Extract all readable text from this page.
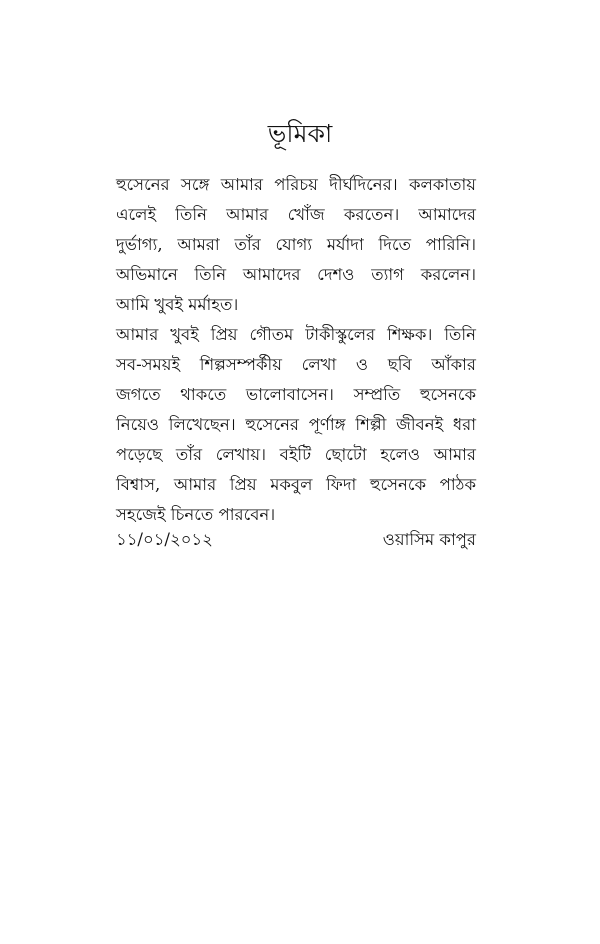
ভূমিকা
হুসেনের সঙ্গে আমার পরিচয় দীর্ঘদিনের। কলকাতায়
এলেই তিনি আমার খোঁজ করতেন। আমাদের
দুর্ভাগ্য, আমরা তাঁর যোগ্য মর্যাদা দিতে পারিনি।
অভিমানে তিনি আমাদের দেশও ত্যাগ করলেন।
আমি খুবই মর্মাহত।
আমার খুবই প্রিয় গৌতম টাকীস্কুলের শিক্ষক। তিনি
সব-সময়ই শিল্পসম্পর্কীয় লেখা ও ছবি আঁকার
জগতে থাকতে ভালোবাসেন। সম্প্রতি হুসেনকে
নিয়েও লিখেছেন। হুসেনের পূর্ণাঙ্গ শিল্পী জীবনই ধরা
পড়েছে তাঁর লেখায়। বইটি ছোটো হলেও আমার
বিশ্বাস, আমার প্রিয় মকবুল ফিদা হুসেনকে পাঠক
সহজেই চিনতে পারবেন।
১১/০১/২০১২	ওয়াসিম কাপুর
